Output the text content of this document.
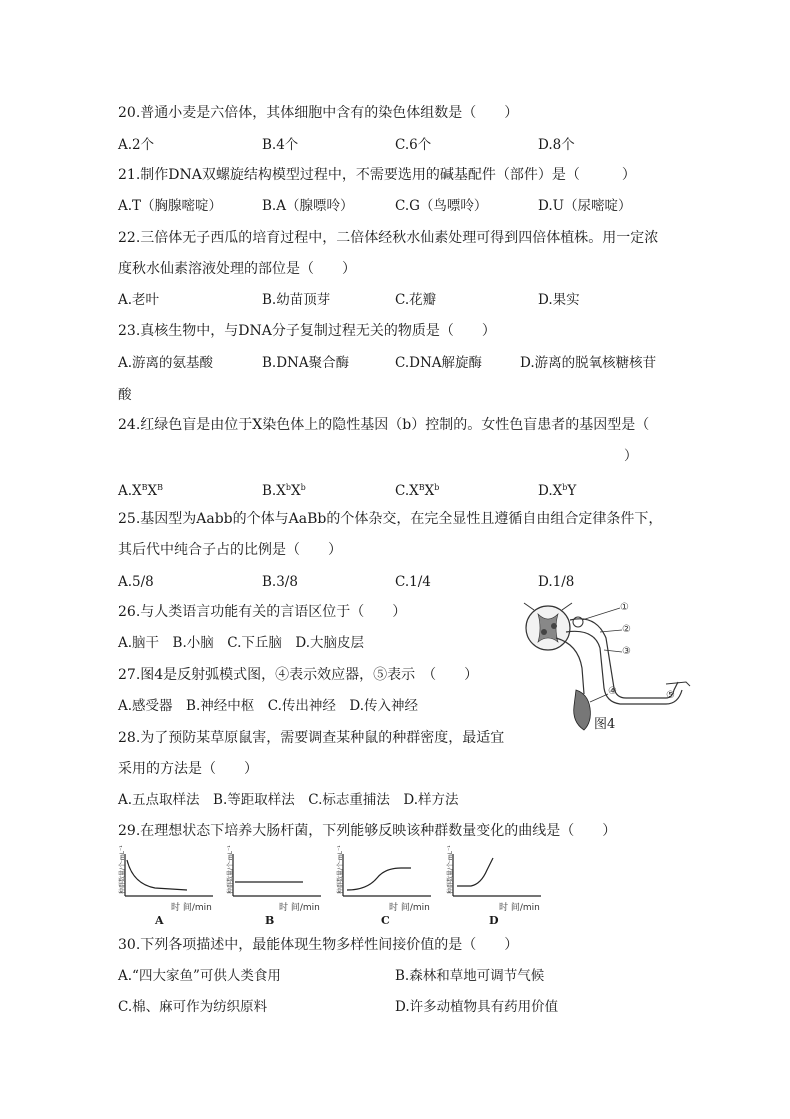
20.普通小麦是六倍体，其体细胞中含有的染色体组数是（　　）
A.2个	B.4个	C.6个	D.8个
21.制作DNA双螺旋结构模型过程中，不需要选用的碱基配件（部件）是（　　　）
A.T（胸腺嘧啶）	B.A（腺嘌呤）	C.G（鸟嘌呤）	D.U（尿嘧啶）
22.三倍体无子西瓜的培育过程中，二倍体经秋水仙素处理可得到四倍体植株。用一定浓
度秋水仙素溶液处理的部位是（　　）
A.老叶	B.幼苗顶芽	C.花瓣	D.果实
23.真核生物中，与DNA分子复制过程无关的物质是（　　）
A.游离的氨基酸	B.DNA聚合酶	C.DNA解旋酶	D.游离的脱氧核糖核苷
酸
24.红绿色盲是由位于X染色体上的隐性基因（b）控制的。女性色盲患者的基因型是（
）
$A.X^BX^B$	$B.X^bX^b$	$C.X^BX^b$	$D.X^bY$
25.基因型为Aabb的个体与AaBb的个体杂交，在完全显性且遵循自由组合定律条件下，
其后代中纯合子占的比例是（　　）
A.5/8	B.3/8	C.1/4	D.1/8
26.与人类语言功能有关的言语区位于（　　）
A.脑干　B.小脑　C.下丘脑　D.大脑皮层
27.图4是反射弧模式图，④表示效应器，⑤表示　（　　）
A.感受器　B.神经中枢　C.传出神经　D.传入神经
①
②
③
④	⑤
图4
28.为了预防某草原鼠害，需要调查某种鼠的种群密度，最适宜
采用的方法是（　　）
A.五点取样法　B.等距取样法　C.标志重捕法　D.样方法
29.在理想状态下培养大肠杆菌，下列能够反映该种群数量变化的曲线是（　　）
种群数量/个·mL⁻¹	种群数量/个·mL⁻¹	种群数量/个·mL⁻¹	种群数量/个·mL⁻¹
时 间/min	时 间/min	时 间/min	时 间/min
A	B	C	D
30.下列各项描述中，最能体现生物多样性间接价值的是（　　）
A.“四大家鱼”可供人类食用	B.森林和草地可调节气候
C.棉、麻可作为纺织原料	D.许多动植物具有药用价值
